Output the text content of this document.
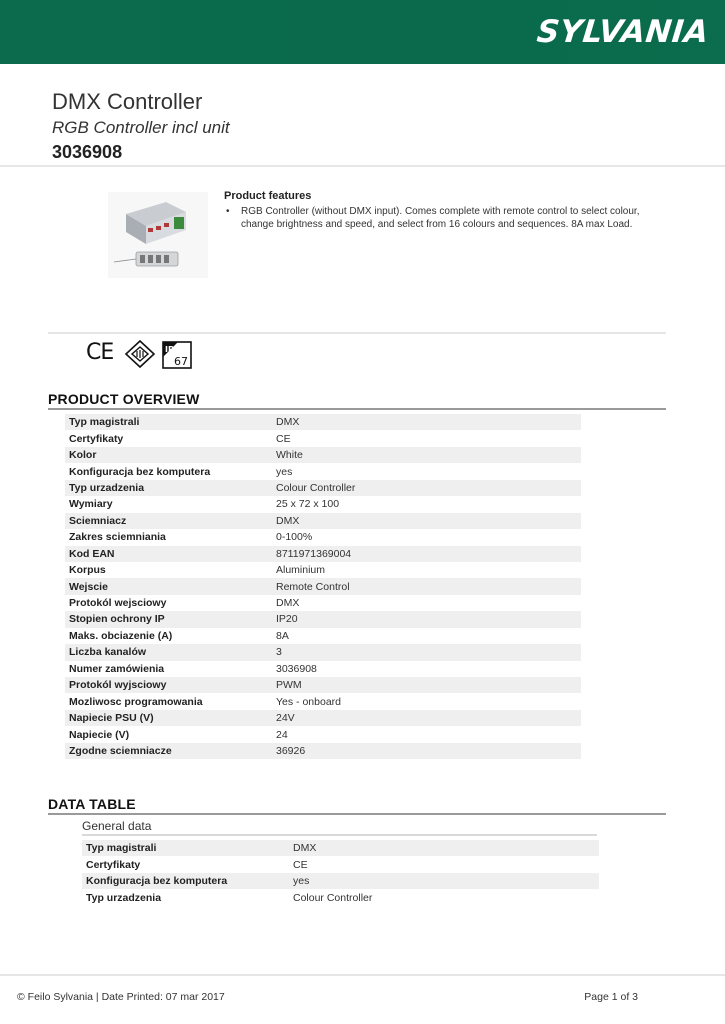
SYLVANIA
DMX Controller
RGB Controller incl unit
3036908
Product features
• RGB Controller (without DMX input). Comes complete with remote control to select colour, change brightness and speed, and select from 16 colours and sequences. 8A max Load.
CE	IP
67
PRODUCT OVERVIEW
Typ magistrali	DMX
Certyfikaty	CE
Kolor	White
Konfiguracja bez komputera	yes
Typ urzadzenia	Colour Controller
Wymiary	25 x 72 x 100
Sciemniacz	DMX
Zakres sciemniania	0-100%
Kod EAN	8711971369004
Korpus	Aluminium
Wejscie	Remote Control
Protokól wejsciowy	DMX
Stopien ochrony IP	IP20
Maks. obciazenie (A)	8A
Liczba kanalów	3
Numer zamówienia	3036908
Protokól wyjsciowy	PWM
Mozliwosc programowania	Yes - onboard
Napiecie PSU (V)	24V
Napiecie (V)	24
Zgodne sciemniacze	36926
DATA TABLE
General data
Typ magistrali	DMX
Certyfikaty	CE
Konfiguracja bez komputera	yes
Typ urzadzenia	Colour Controller
© Feilo Sylvania | Date Printed: 07 mar 2017	Page 1 of 3
